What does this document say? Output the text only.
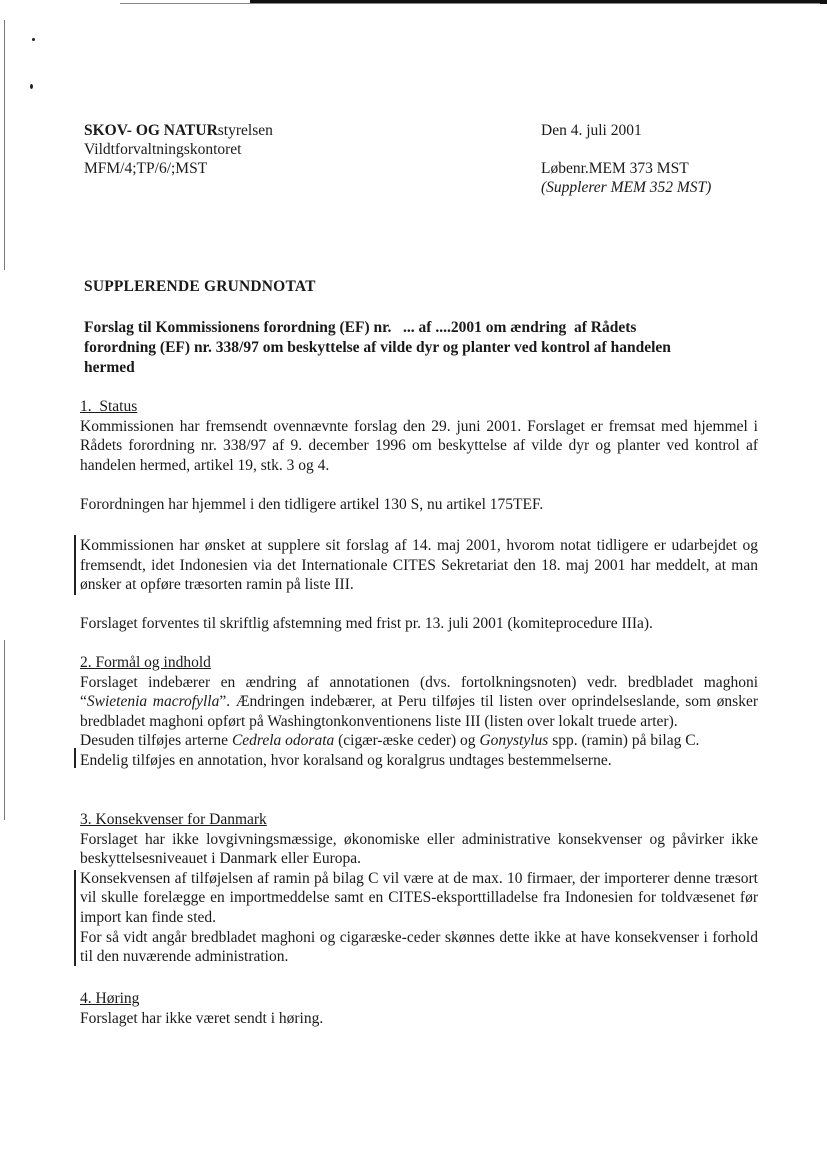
SKOV- OG NATURstyrelsen
Vildtforvaltningskontoret
MFM/4;TP/6/;MST
Den 4. juli 2001
Løbenr.MEM 373 MST
(Supplerer MEM 352 MST)
SUPPLERENDE GRUNDNOTAT
Forslag til Kommissionens forordning (EF) nr.   ... af ....2001 om ændring  af Rådets
forordning (EF) nr. 338/97 om beskyttelse af vilde dyr og planter ved kontrol af handelen
hermed
1.  Status

Kommissionen har fremsendt ovennævnte forslag den 29. juni 2001. Forslaget er fremsat med hjemmel i Rådets forordning nr. 338/97 af 9. december 1996 om beskyttelse af vilde dyr og planter ved kontrol af handelen hermed, artikel 19, stk. 3 og 4.

Forordningen har hjemmel i den tidligere artikel 130 S, nu artikel 175TEF.
Kommissionen har ønsket at supplere sit forslag af 14. maj 2001, hvorom notat tidligere er udarbejdet og fremsendt, idet Indonesien via det Internationale CITES Sekretariat den 18. maj 2001 har meddelt, at man ønsker at opføre træsorten ramin på liste III.
Forslaget forventes til skriftlig afstemning med frist pr. 13. juli 2001 (komiteprocedure IIIa).
2. Formål og indhold

Forslaget indebærer en ændring af annotationen (dvs. fortolkningsnoten) vedr. bredbladet maghoni “Swietenia macrofylla”. Ændringen indebærer, at Peru tilføjes til listen over oprindelseslande, som ønsker bredbladet maghoni opført på Washingtonkonventionens liste III (listen over lokalt truede arter).

Desuden tilføjes arterne Cedrela odorata (cigær-æske ceder) og Gonystylus spp. (ramin) på bilag C.

Endelig tilføjes en annotation, hvor koralsand og koralgrus undtages bestemmelserne.

3. Konsekvenser for Danmark

Forslaget har ikke lovgivningsmæssige, økonomiske eller administrative konsekvenser og påvirker ikke beskyttelsesniveauet i Danmark eller Europa.

Konsekvensen af tilføjelsen af ramin på bilag C vil være at de max. 10 firmaer, der importerer denne træsort vil skulle forelægge en importmeddelse samt en CITES-eksporttilladelse fra Indonesien for toldvæsenet før import kan finde sted.

For så vidt angår bredbladet maghoni og cigaræske-ceder skønnes dette ikke at have konsekvenser i forhold til den nuværende administration.

4. Høring

Forslaget har ikke været sendt i høring.
